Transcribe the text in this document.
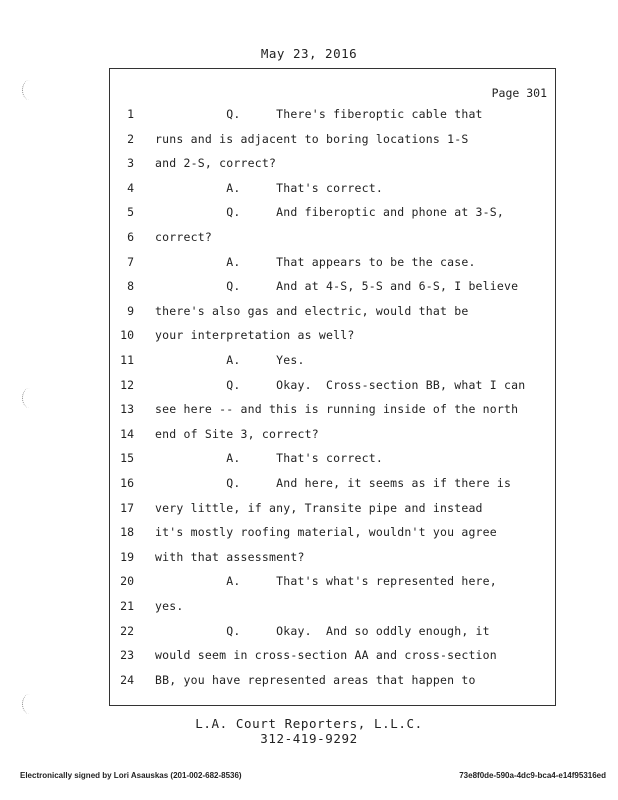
May 23, 2016
Page 301
1 Q.     There's fiberoptic cable that
2 runs and is adjacent to boring locations 1-S
3 and 2-S, correct?
4 A.     That's correct.
5 Q.     And fiberoptic and phone at 3-S,
6 correct?
7 A.     That appears to be the case.
8 Q.     And at 4-S, 5-S and 6-S, I believe
9 there's also gas and electric, would that be
10 your interpretation as well?
11 A.     Yes.
12 Q.     Okay.  Cross-section BB, what I can
13 see here -- and this is running inside of the north
14 end of Site 3, correct?
15 A.     That's correct.
16 Q.     And here, it seems as if there is
17 very little, if any, Transite pipe and instead
18 it's mostly roofing material, wouldn't you agree
19 with that assessment?
20 A.     That's what's represented here,
21 yes.
22 Q.     Okay.  And so oddly enough, it
23 would seem in cross-section AA and cross-section
24 BB, you have represented areas that happen to
L.A. Court Reporters, L.L.C.
312-419-9292
Electronically signed by Lori Asauskas (201-002-682-8536)	73e8f0de-590a-4dc9-bca4-e14f95316ed
